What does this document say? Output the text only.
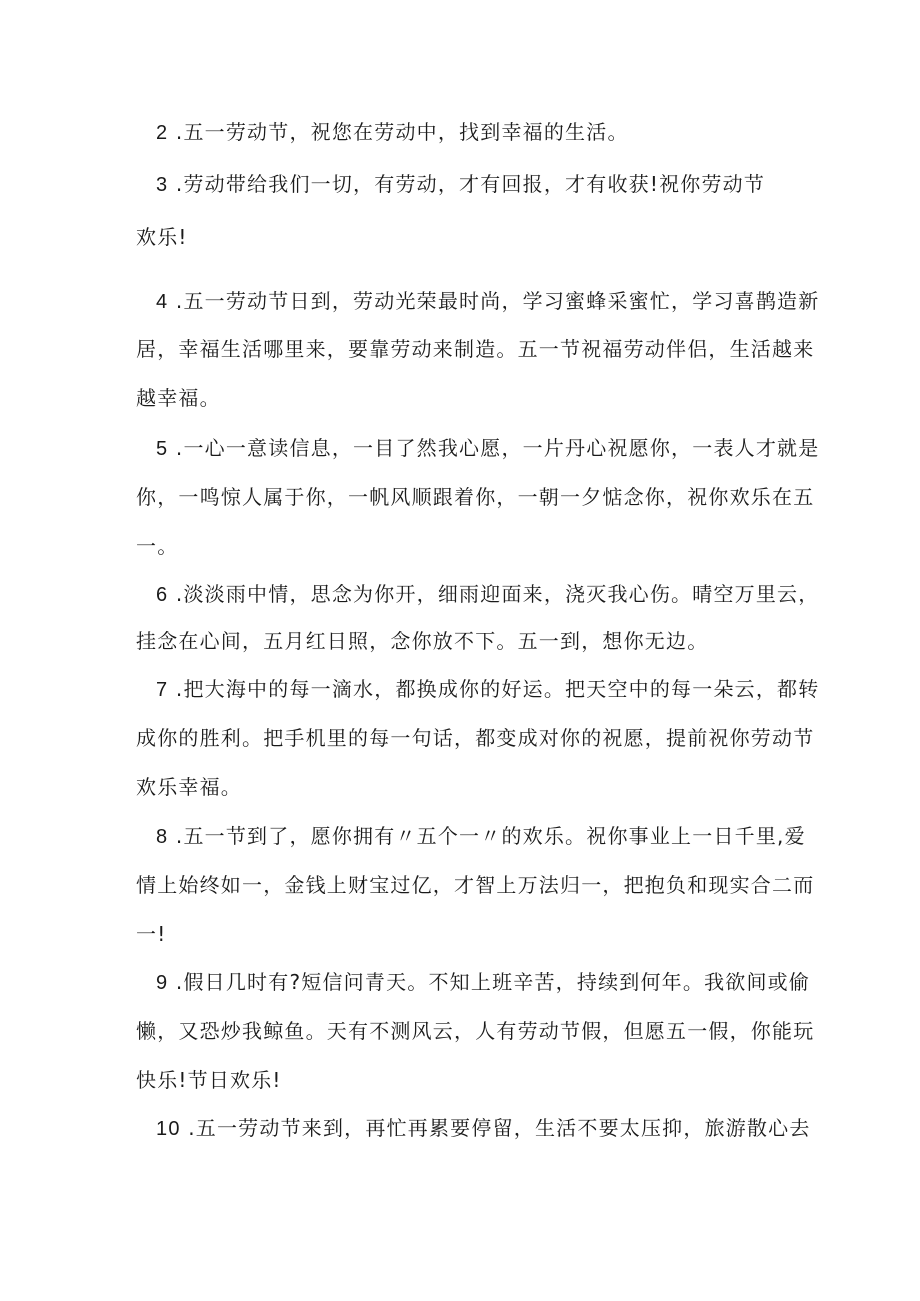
2 .五一劳动节，祝您在劳动中，找到幸福的生活。
3 .劳动带给我们一切，有劳动，才有回报，才有收获!祝你劳动节
欢乐!
4 .五一劳动节日到，劳动光荣最时尚，学习蜜蜂采蜜忙，学习喜鹊造新
居，幸福生活哪里来，要靠劳动来制造。五一节祝福劳动伴侣，生活越来
越幸福。
5 .一心一意读信息，一目了然我心愿，一片丹心祝愿你，一表人才就是
你，一鸣惊人属于你，一帆风顺跟着你，一朝一夕惦念你，祝你欢乐在五
一。
6 .淡淡雨中情，思念为你开，细雨迎面来，浇灭我心伤。晴空万里云，
挂念在心间，五月红日照，念你放不下。五一到，想你无边。
7 .把大海中的每一滴水，都换成你的好运。把天空中的每一朵云，都转
成你的胜利。把手机里的每一句话，都变成对你的祝愿，提前祝你劳动节
欢乐幸福。
8 .五一节到了，愿你拥有〃五个一〃的欢乐。祝你事业上一日千里,爱
情上始终如一，金钱上财宝过亿，才智上万法归一，把抱负和现实合二而
一!
9 .假日几时有?短信问青天。不知上班辛苦，持续到何年。我欲间或偷
懒，又恐炒我鲸鱼。天有不测风云，人有劳动节假，但愿五一假，你能玩
快乐!节日欢乐!
10 .五一劳动节来到，再忙再累要停留，生活不要太压抑，旅游散心去
